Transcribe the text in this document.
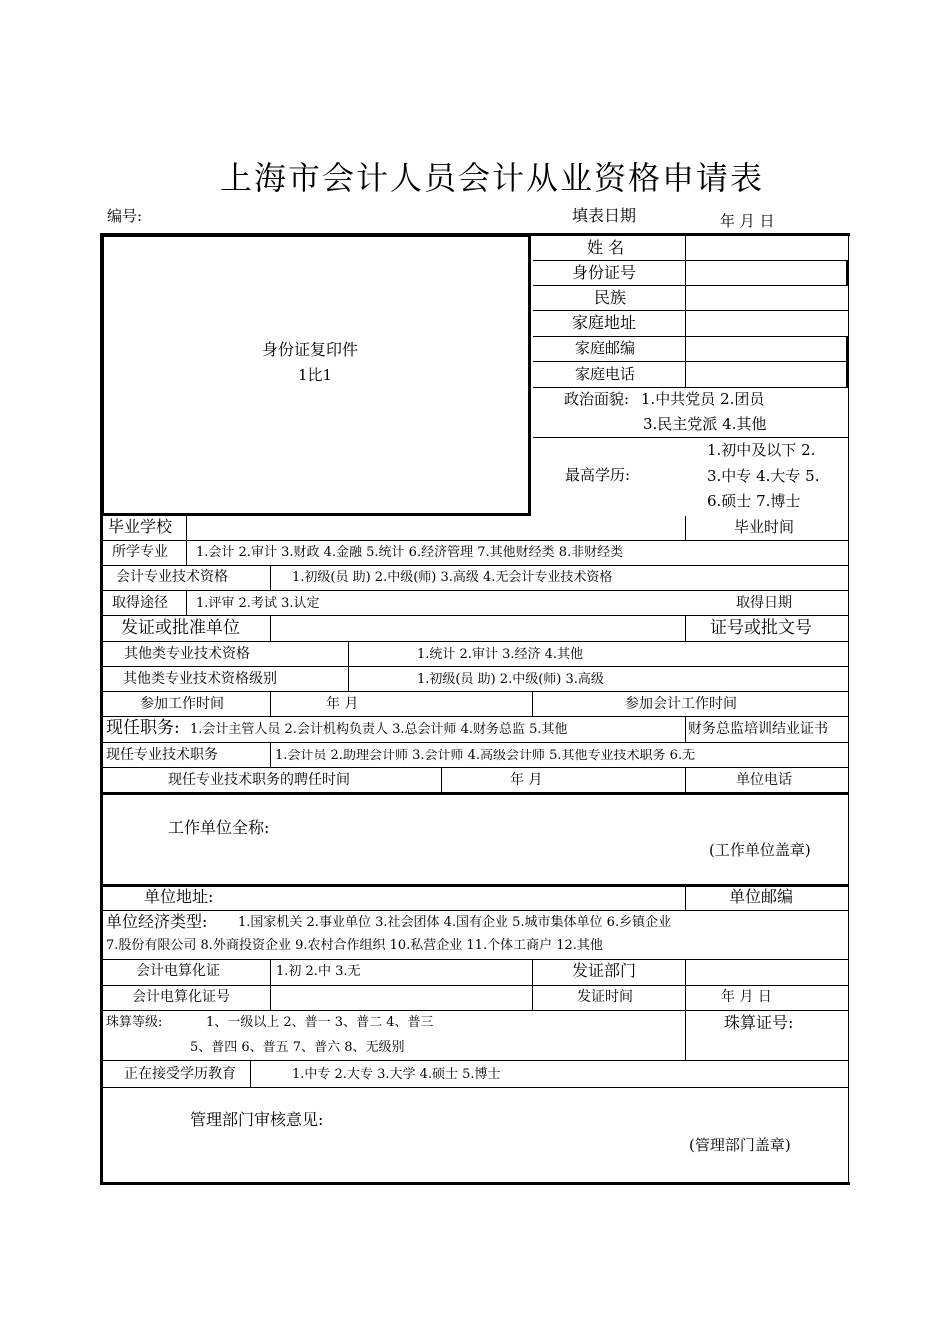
上海市会计人员会计从业资格申请表
编号:	填表日期	年 月 日
身份证复印件
1比1
姓 名
身份证号
民族
家庭地址
家庭邮编
家庭电话
政治面貌: 1.中共党员 2.团员
3.民主党派 4.其他
最高学历:
1.初中及以下 2.
3.中专 4.大专 5.
6.硕士 7.博士
毕业学校	毕业时间
所学专业 1.会计 2.审计 3.财政 4.金融 5.统计 6.经济管理 7.其他财经类 8.非财经类
会计专业技术资格	1.初级(员 助) 2.中级(师) 3.高级 4.无会计专业技术资格
取得途径 1.评审 2.考试 3.认定	取得日期
发证或批准单位	证号或批文号
其他类专业技术资格	1.统计 2.审计 3.经济 4.其他
其他类专业技术资格级别	1.初级(员 助) 2.中级(师) 3.高级
参加工作时间	年 月	参加会计工作时间
现任职务: 1.会计主管人员 2.会计机构负责人 3.总会计师 4.财务总监 5.其他	财务总监培训结业证书
现任专业技术职务	1.会计员 2.助理会计师 3.会计师 4.高级会计师 5.其他专业技术职务 6.无
现任专业技术职务的聘任时间	年 月	单位电话
工作单位全称:
(工作单位盖章)
单位地址:	单位邮编
单位经济类型: 1.国家机关 2.事业单位 3.社会团体 4.国有企业 5.城市集体单位 6.乡镇企业
7.股份有限公司 8.外商投资企业 9.农村合作组织 10.私营企业 11.个体工商户 12.其他
会计电算化证	1.初 2.中 3.无	发证部门
会计电算化证号	发证时间	年 月 日
珠算等级:	1、一级以上 2、普一 3、普二 4、普三
5、普四 6、普五 7、普六 8、无级别
珠算证号:
正在接受学历教育	1.中专 2.大专 3.大学 4.硕士 5.博士
管理部门审核意见:
(管理部门盖章)
